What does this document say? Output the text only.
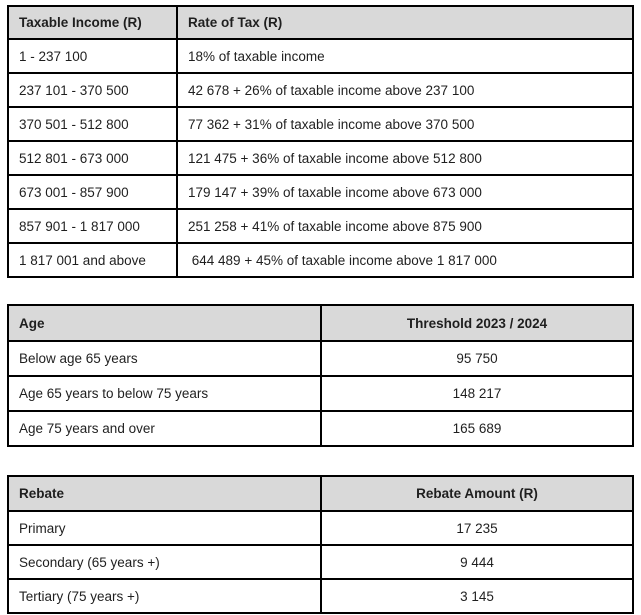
Taxable Income (R)	Rate of Tax (R)
1 - 237 100	18% of taxable income
237 101 - 370 500	42 678 + 26% of taxable income above 237 100
370 501 - 512 800	77 362 + 31% of taxable income above 370 500
512 801 - 673 000	121 475 + 36% of taxable income above 512 800
673 001 - 857 900	179 147 + 39% of taxable income above 673 000
857 901 - 1 817 000	251 258 + 41% of taxable income above 875 900
1 817 001 and above	644 489 + 45% of taxable income above 1 817 000
Age	Threshold 2023 / 2024
Below age 65 years	95 750
Age 65 years to below 75 years	148 217
Age 75 years and over	165 689
Rebate	Rebate Amount (R)
Primary	17 235
Secondary (65 years +)	9 444
Tertiary (75 years +)	3 145
